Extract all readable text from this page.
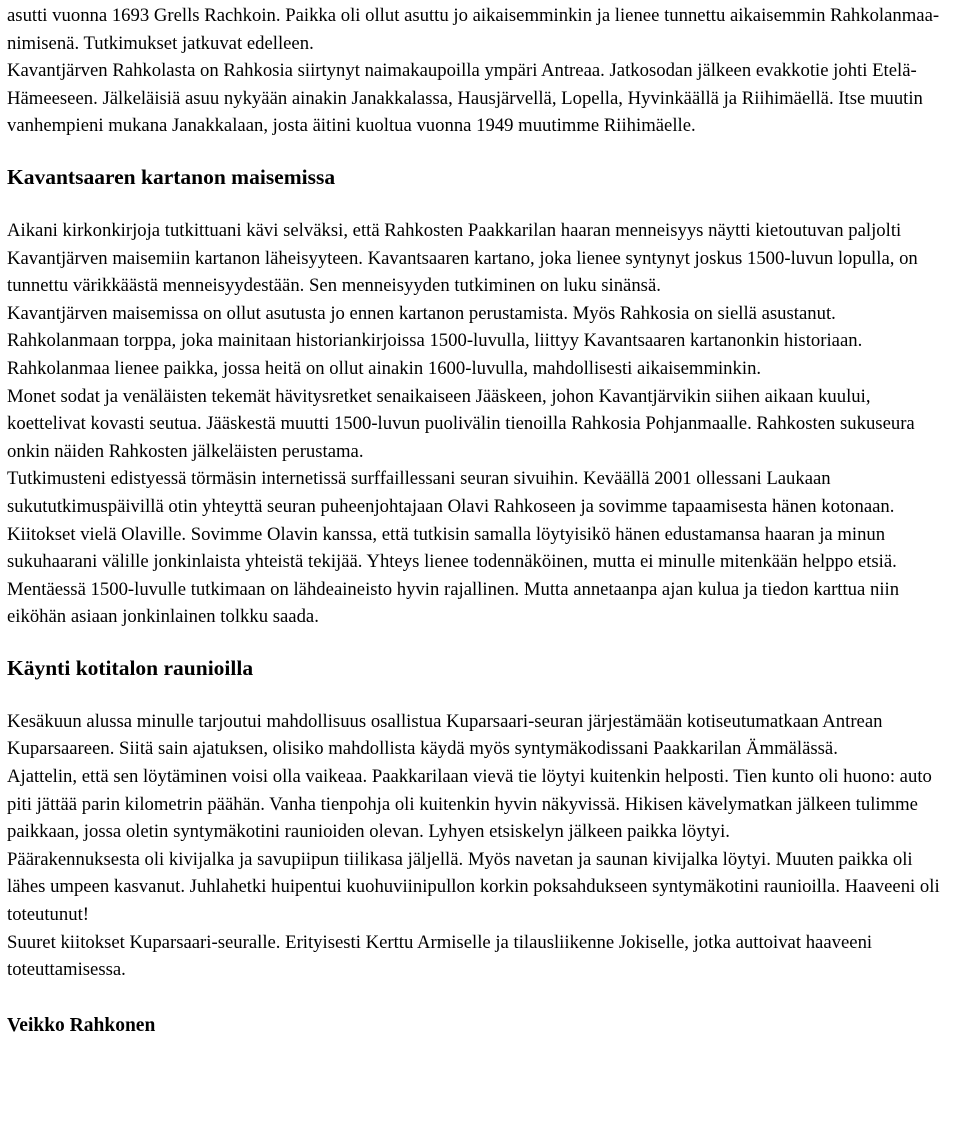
asutti vuonna 1693 Grells Rachkoin. Paikka oli ollut asuttu jo aikaisemminkin ja lienee tunnettu aikaisemmin Rahkolanmaa-nimisenä. Tutkimukset jatkuvat edelleen.

Kavantjärven Rahkolasta on Rahkosia siirtynyt naimakaupoilla ympäri Antreaa. Jatkosodan jälkeen evakkotie johti Etelä-Hämeeseen. Jälkeläisiä asuu nykyään ainakin Janakkalassa, Hausjärvellä, Lopella, Hyvinkäällä ja Riihimäellä. Itse muutin vanhempieni mukana Janakkalaan, josta äitini kuoltua vuonna 1949 muutimme Riihimäelle.

Kavantsaaren kartanon maisemissa

Aikani kirkonkirjoja tutkittuani kävi selväksi, että Rahkosten Paakkarilan haaran menneisyys näytti kietoutuvan paljolti Kavantjärven maisemiin kartanon läheisyyteen. Kavantsaaren kartano, joka lienee syntynyt joskus 1500-luvun lopulla, on tunnettu värikkäästä menneisyydestään. Sen menneisyyden tutkiminen on luku sinänsä.

Kavantjärven maisemissa on ollut asutusta jo ennen kartanon perustamista. Myös Rahkosia on siellä asustanut. Rahkolanmaan torppa, joka mainitaan historiankirjoissa 1500-luvulla, liittyy Kavantsaaren kartanonkin historiaan. Rahkolanmaa lienee paikka, jossa heitä on ollut ainakin 1600-luvulla, mahdollisesti aikaisemminkin.

Monet sodat ja venäläisten tekemät hävitysretket senaikaiseen Jääskeen, johon Kavantjärvikin siihen aikaan kuului, koettelivat kovasti seutua. Jääskestä muutti 1500-luvun puolivälin tienoilla Rahkosia Pohjanmaalle. Rahkosten sukuseura onkin näiden Rahkosten jälkeläisten perustama.

Tutkimusteni edistyessä törmäsin internetissä surffaillessani seuran sivuihin. Keväällä 2001 ollessani Laukaan sukututkimuspäivillä otin yhteyttä seuran puheenjohtajaan Olavi Rahkoseen ja sovimme tapaamisesta hänen kotonaan. Kiitokset vielä Olaville. Sovimme Olavin kanssa, että tutkisin samalla löytyisikö hänen edustamansa haaran ja minun sukuhaarani välille jonkinlaista yhteistä tekijää. Yhteys lienee todennäköinen, mutta ei minulle mitenkään helppo etsiä. Mentäessä 1500-luvulle tutkimaan on lähdeaineisto hyvin rajallinen. Mutta annetaanpa ajan kulua ja tiedon karttua niin eiköhän asiaan jonkinlainen tolkku saada.

Käynti kotitalon raunioilla

Kesäkuun alussa minulle tarjoutui mahdollisuus osallistua Kuparsaari-seuran järjestämään kotiseutumatkaan Antrean Kuparsaareen. Siitä sain ajatuksen, olisiko mahdollista käydä myös syntymäkodissani Paakkarilan Ämmälässä.

Ajattelin, että sen löytäminen voisi olla vaikeaa. Paakkarilaan vievä tie löytyi kuitenkin helposti. Tien kunto oli huono: auto piti jättää parin kilometrin päähän. Vanha tienpohja oli kuitenkin hyvin näkyvissä. Hikisen kävelymatkan jälkeen tulimme paikkaan, jossa oletin syntymäkotini raunioiden olevan. Lyhyen etsiskelyn jälkeen paikka löytyi.

Päärakennuksesta oli kivijalka ja savupiipun tiilikasa jäljellä. Myös navetan ja saunan kivijalka löytyi. Muuten paikka oli lähes umpeen kasvanut. Juhlahetki huipentui kuohuviinipullon korkin poksahdukseen syntymäkotini raunioilla. Haaveeni oli toteutunut!

Suuret kiitokset Kuparsaari-seuralle. Erityisesti Kerttu Armiselle ja tilausliikenne Jokiselle, jotka auttoivat haaveeni toteuttamisessa.

Veikko Rahkonen
